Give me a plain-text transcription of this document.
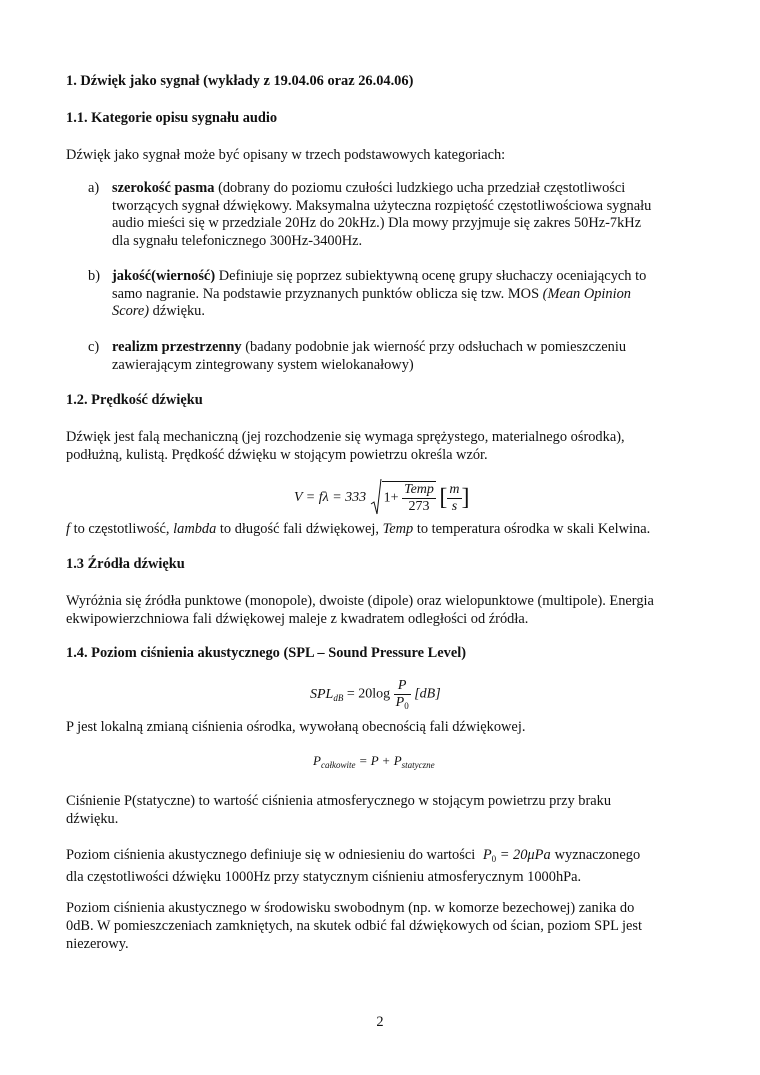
1. Dźwięk jako sygnał (wykłady z 19.04.06 oraz 26.04.06)
1.1. Kategorie opisu sygnału audio
Dźwięk jako sygnał może być opisany w trzech podstawowych kategoriach:
a) szerokość pasma (dobrany do poziomu czułości ludzkiego ucha przedział częstotliwości
tworzących sygnał dźwiękowy. Maksymalna użyteczna rozpiętość częstotliwościowa sygnału
audio mieści się w przedziale 20Hz do 20kHz.) Dla mowy przyjmuje się zakres 50Hz-7kHz
dla sygnału telefonicznego 300Hz-3400Hz.
b) jakość(wierność) Definiuje się poprzez subiektywną ocenę grupy słuchaczy oceniających to
samo nagranie. Na podstawie przyznanych punktów oblicza się tzw. MOS (Mean Opinion
Score) dźwięku.
c) realizm przestrzenny (badany podobnie jak wierność przy odsłuchach w pomieszczeniu
zawierającym zintegrowany system wielokanałowy)
1.2. Prędkość dźwięku
Dźwięk jest falą mechaniczną (jej rozchodzenie się wymaga sprężystego, materialnego ośrodka),
podłużną, kulistą. Prędkość dźwięku w stojącym powietrzu określa wzór.
V = fλ = 333 $1+ \frac{\text{Temp}}{273}$ [ $\frac{m}{s}$ ]
f to częstotliwość, lambda to długość fali dźwiękowej, Temp to temperatura ośrodka w skali Kelwina.
1.3 Źródła dźwięku
Wyróżnia się źródła punktowe (monopole), dwoiste (dipole) oraz wielopunktowe (multipole). Energia
ekwipowierzchniowa fali dźwiękowej maleje z kwadratem odległości od źródła.
1.4. Poziom ciśnienia akustycznego (SPL – Sound Pressure Level)
$SPL_{dB} = 20\log \frac{P}{P_0} [dB]$
P jest lokalną zmianą ciśnienia ośrodka, wywołaną obecnością fali dźwiękowej.
$P_{całkowite} = P + P_{statyczne}$
Ciśnienie P(statyczne) to wartość ciśnienia atmosferycznego w stojącym powietrzu przy braku
dźwięku.
Poziom ciśnienia akustycznego definiuje się w odniesieniu do wartości $P_0 = 20\mu Pa$ wyznaczonego
dla częstotliwości dźwięku 1000Hz przy statycznym ciśnieniu atmosferycznym 1000hPa.
Poziom ciśnienia akustycznego w środowisku swobodnym (np. w komorze bezechowej) zanika do
0dB. W pomieszczeniach zamkniętych, na skutek odbić fal dźwiękowych od ścian, poziom SPL jest
niezerowy.
2
